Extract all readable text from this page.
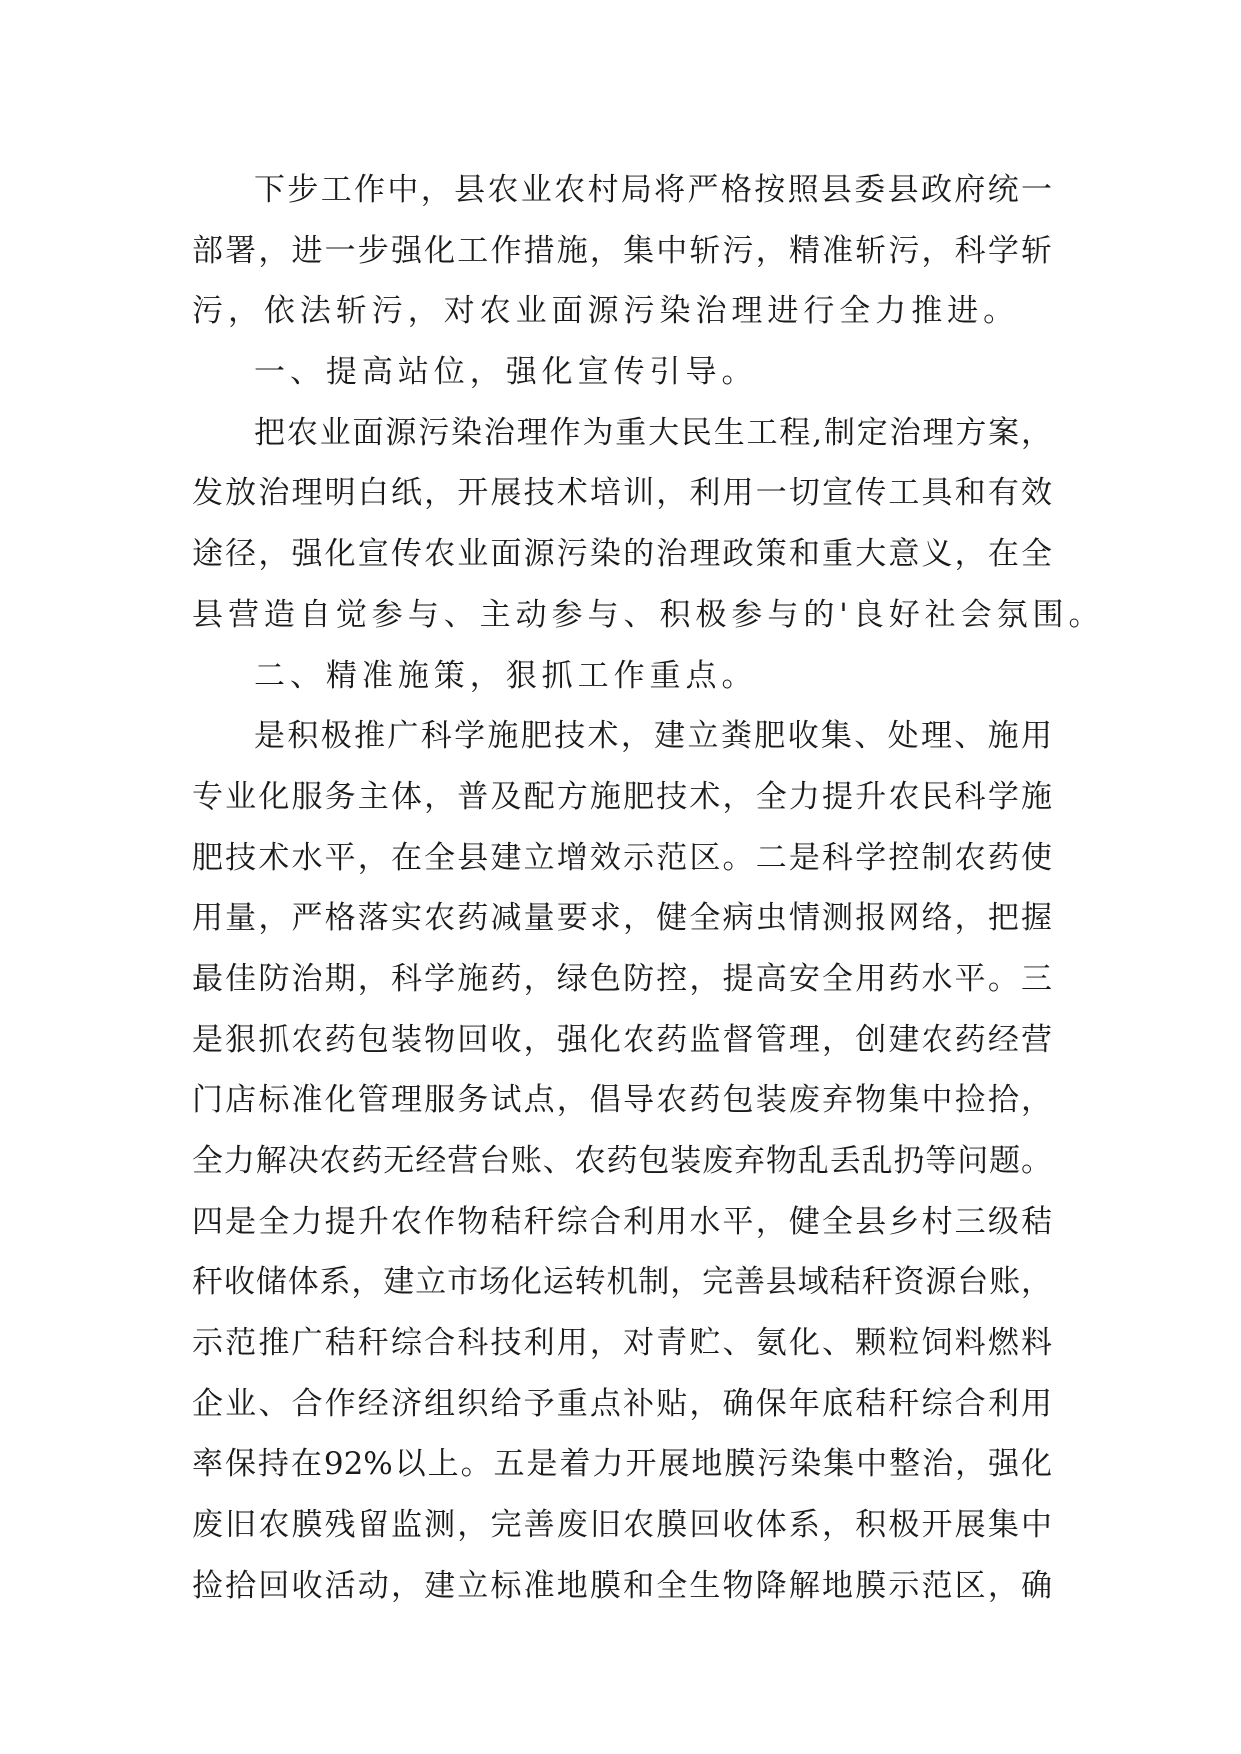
下步工作中，县农业农村局将严格按照县委县政府统一
部署，进一步强化工作措施，集中斩污，精准斩污，科学斩
污，依法斩污，对农业面源污染治理进行全力推进。
一、提高站位，强化宣传引导。
把农业面源污染治理作为重大民生工程,制定治理方案，
发放治理明白纸，开展技术培训，利用一切宣传工具和有效
途径，强化宣传农业面源污染的治理政策和重大意义，在全
县营造自觉参与、主动参与、积极参与的'良好社会氛围。
二、精准施策，狠抓工作重点。
是积极推广科学施肥技术，建立粪肥收集、处理、施用
专业化服务主体，普及配方施肥技术，全力提升农民科学施
肥技术水平，在全县建立增效示范区。二是科学控制农药使
用量，严格落实农药减量要求，健全病虫情测报网络，把握
最佳防治期，科学施药，绿色防控，提高安全用药水平。三
是狠抓农药包装物回收，强化农药监督管理，创建农药经营
门店标准化管理服务试点，倡导农药包装废弃物集中捡拾，
全力解决农药无经营台账、农药包装废弃物乱丢乱扔等问题。
四是全力提升农作物秸秆综合利用水平，健全县乡村三级秸
秆收储体系，建立市场化运转机制，完善县域秸秆资源台账，
示范推广秸秆综合科技利用，对青贮、氨化、颗粒饲料燃料
企业、合作经济组织给予重点补贴，确保年底秸秆综合利用
率保持在92%以上。五是着力开展地膜污染集中整治，强化
废旧农膜残留监测，完善废旧农膜回收体系，积极开展集中
捡拾回收活动，建立标准地膜和全生物降解地膜示范区，确
